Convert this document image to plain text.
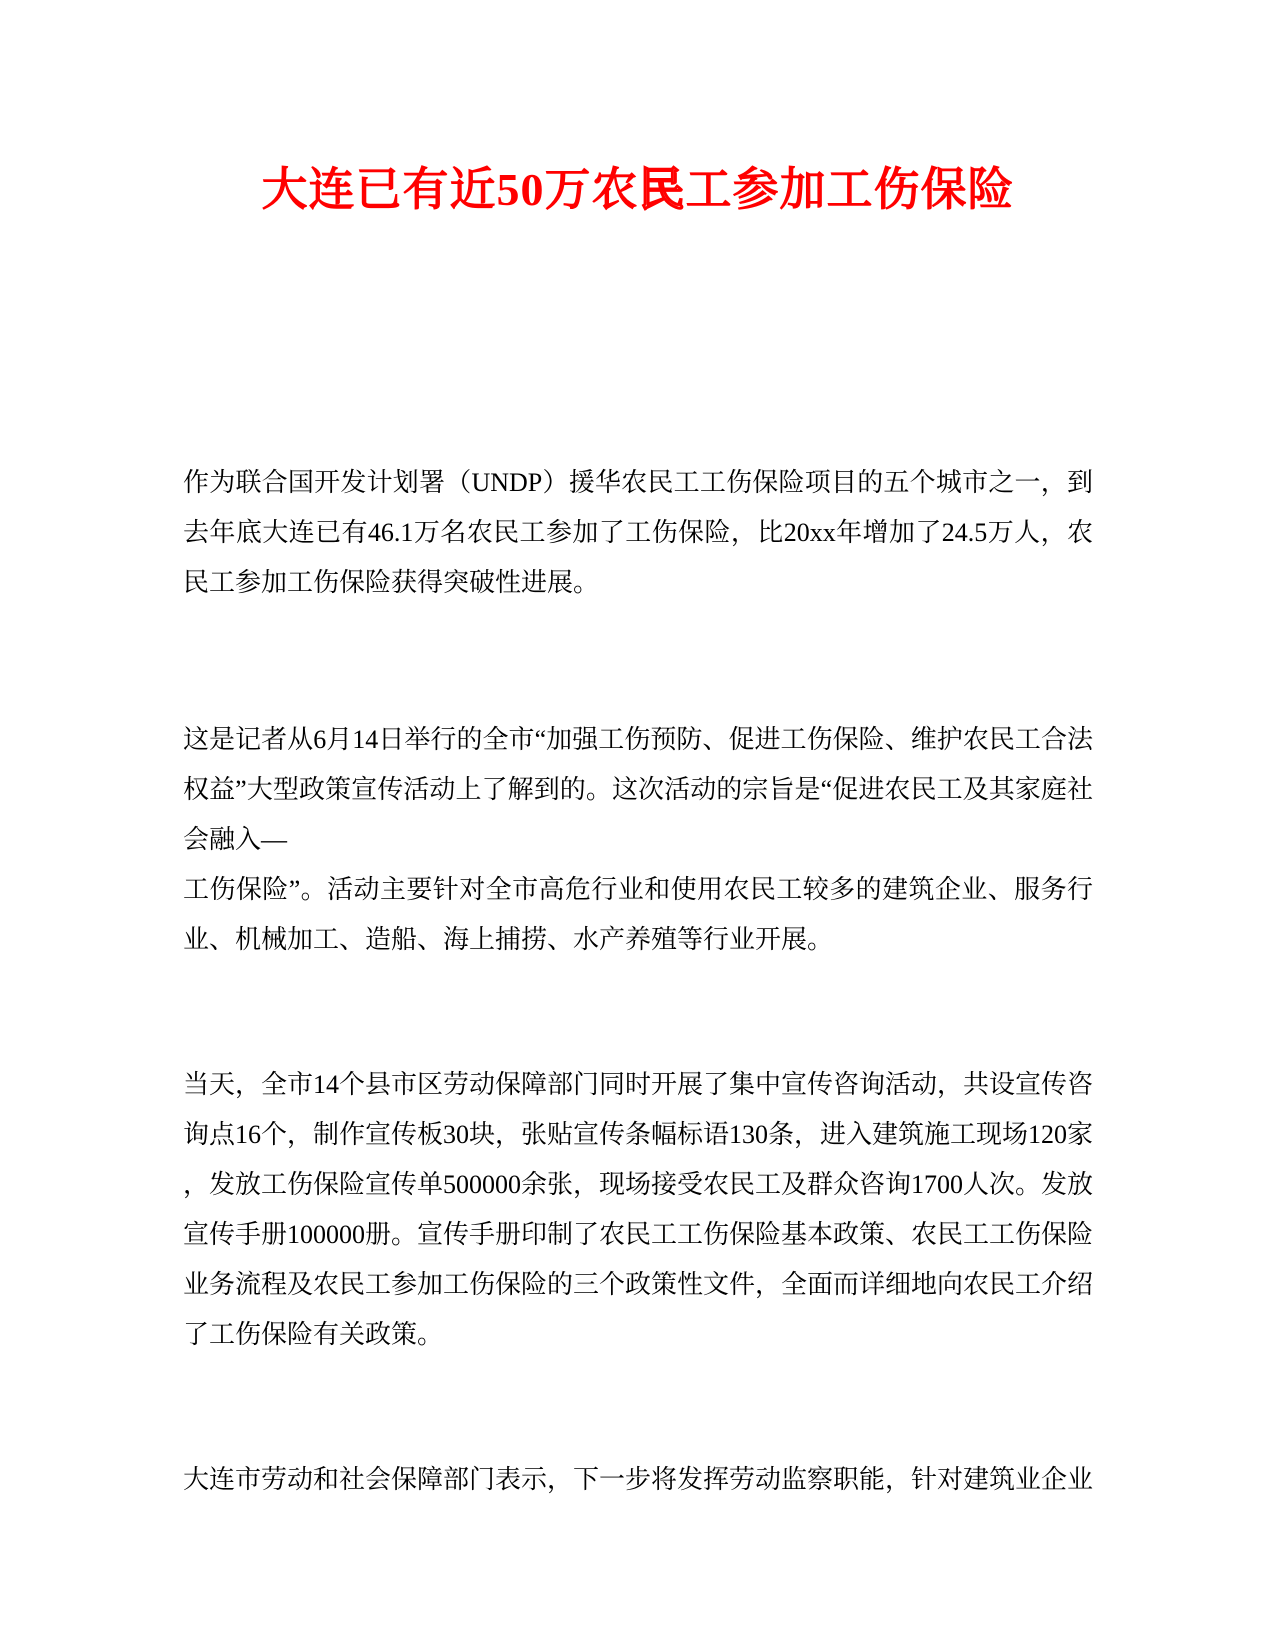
大连已有近50万农民工参加工伤保险

作为联合国开发计划署（UNDP）援华农民工工伤保险项目的五个城市之一，到去年底大连已有46.1万名农民工参加了工伤保险，比20xx年增加了24.5万人，农民工参加工伤保险获得突破性进展。

这是记者从6月14日举行的全市“加强工伤预防、促进工伤保险、维护农民工合法权益”大型政策宣传活动上了解到的。这次活动的宗旨是“促进农民工及其家庭社会融入—
工伤保险”。活动主要针对全市高危行业和使用农民工较多的建筑企业、服务行业、机械加工、造船、海上捕捞、水产养殖等行业开展。

当天，全市14个县市区劳动保障部门同时开展了集中宣传咨询活动，共设宣传咨询点16个，制作宣传板30块，张贴宣传条幅标语130条，进入建筑施工现场120家，发放工伤保险宣传单500000余张，现场接受农民工及群众咨询1700人次。发放宣传手册100000册。宣传手册印制了农民工工伤保险基本政策、农民工工伤保险业务流程及农民工参加工伤保险的三个政策性文件，全面而详细地向农民工介绍了工伤保险有关政策。

大连市劳动和社会保障部门表示，下一步将发挥劳动监察职能，针对建筑业企业
